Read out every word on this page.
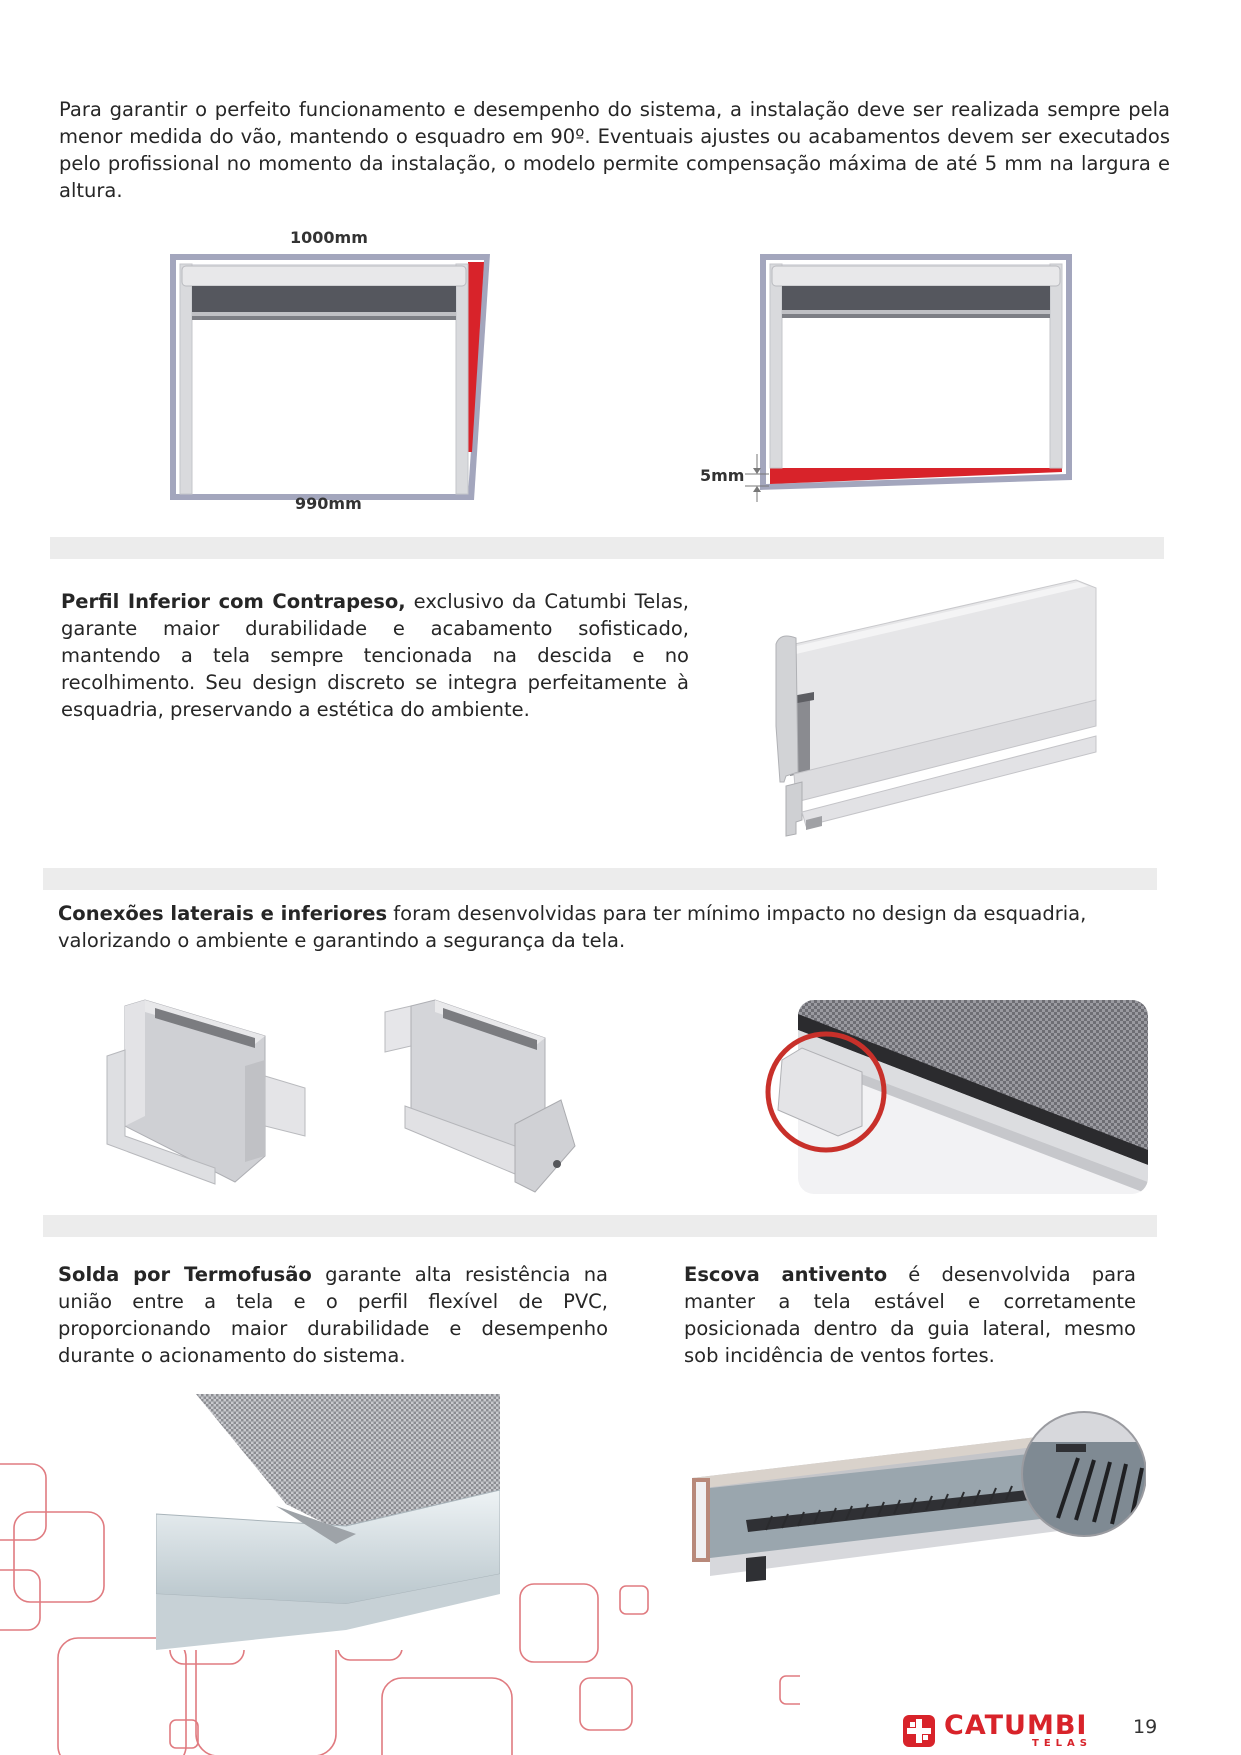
Para garantir o perfeito funcionamento e desempenho do sistema, a instalação deve ser realizada sempre pela menor medida do vão, mantendo o esquadro em 90º. Eventuais ajustes ou acabamentos devem ser executados pelo profissional no momento da instalação, o modelo permite compensação máxima de até 5 mm na largura e altura.
1000mm
990mm
5mm
Perfil Inferior com Contrapeso, exclusivo da Catumbi Telas, garante maior durabilidade e acabamento sofisticado, mantendo a tela sempre tencionada na descida e no recolhimento. Seu design discreto se integra perfeitamente à esquadria, preservando a estética do ambiente.
Conexões laterais e inferiores foram desenvolvidas para ter mínimo impacto no design da esquadria, valorizando o ambiente e garantindo a segurança da tela.
Solda por Termofusão garante alta resistência na união entre a tela e o perfil flexível de PVC, proporcionando maior durabilidade e desempenho durante o acionamento do sistema.
Escova antivento é desenvolvida para manter a tela estável e corretamente posicionada dentro da guia lateral, mesmo sob incidência de ventos fortes.
CATUMBI
TELAS
19
